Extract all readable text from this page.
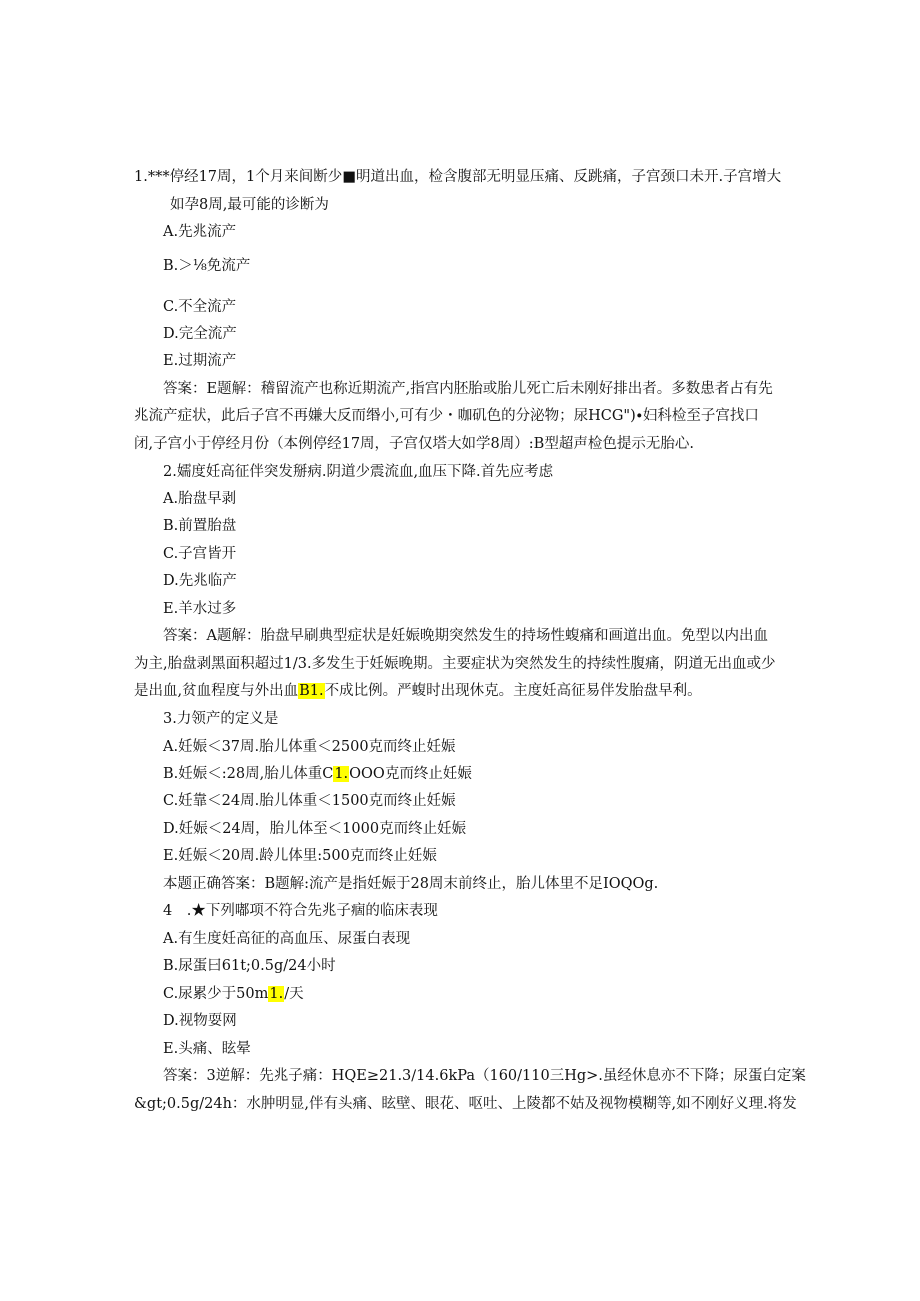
1.***停经17周，1个月来间断少■明道出血，检含腹部无明显压痛、反跳痛，子宫颈口未开.子宫增大
如孕8周,最可能的诊断为
A.先兆流产
B.＞⅛免流产
C.不全流产
D.完全流产
E.过期流产
答案：E题解：稽留流产也称近期流产,指宫内胚胎或胎儿死亡后未刚好排出者。多数患者占有先
兆流产症状，此后子宫不再嫌大反而缗小,可有少・咖矶色的分泌物；尿HCG")∙妇科检至子宫找口
闭,子宫小于停经月份（本例停经17周，子宫仅塔大如学8周）:B型超声检色提示无胎心.
2.嬬度妊高征伴突发掰病.阴道少震流血,血压下降.首先应考虑
A.胎盘早剥
B.前置胎盘
C.子宫皆开
D.先兆临产
E.羊水过多
答案：A题解：胎盘早刷典型症状是妊娠晚期突然发生的持场性蝮痛和画道出血。免型以内出血
为主,胎盘剥黑面积超过1/3.多发生于妊娠晚期。主要症状为突然发生的持续性腹痛，阴道无出血或少
是出血,贫血程度与外出血B1.不成比例。严蝮时出现休克。主度妊高征易伴发胎盘早利。
3.力领产的定义是
A.妊娠＜37周.胎儿体重＜2500克而终止妊娠
B.妊娠＜:28周,胎儿体重C1.OOO克而终止妊娠
C.妊靠＜24周.胎儿体重＜1500克而终止妊娠
D.妊娠＜24周，胎儿体至＜1000克而终止妊娠
E.妊娠＜20周.龄儿体里:500克而终止妊娠
本题正确答案：B题解:流产是指妊娠于28周末前终止，胎儿体里不足IOQOg.
4　.★下列嘟项不符合先兆子痼的临床表现
A.有生度妊高征的高血压、尿蛋白表现
B.尿蛋曰61t;0.5g/24小时
C.尿累少于50m1./天
D.视物耍网
E.头痛、眩晕
答案：3逆解：先兆子痛：HQE≥21.3∕14.6kPa（160/110三Hg>.虽经休息亦不下降；尿蛋白定案
&gt;0.5g/24h：水肿明显,伴有头痛、眩壁、眼花、呕吐、上陵都不姑及视物模糊等,如不刚好义理.将发
